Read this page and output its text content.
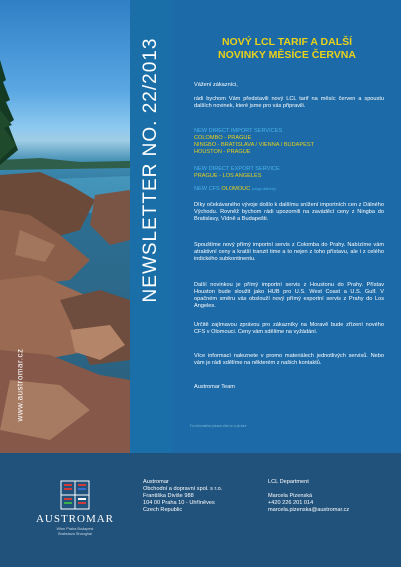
NEWSLETTER NO. 22/2013	NOVÝ LCL TARIF A DALŠÍ
NOVINKY MĚSÍCE ČERVNA
Vážení zákazníci,
rádi bychom Vám představili nový LCL tarif na měsíc červen a spoustu dalších novinek, které jsme pro vás připravili.
NEW DIRECT IMPORT SERVICES
COLOMBO - PRAGUE
NINGBO - BRATISLAVA / VIENNA / BUDAPEST
HOUSTON - PRAGUE
NEW DIRECT EXPORT SERVICE
PRAGUE - LOS ANGELES
NEW CFS OLOMOUC (cargo delivery)
Díky očekávaného vývoje došlo k dalšímu snížení importních cen z Dálného Východu. Rovněž bychom rádi upozornili na zaváděcí ceny z Ningba do Bratislavy, Vídně a Budapešti.
Spouštíme nový přímý importní servis z Colomba do Prahy. Nabízíme vám atraktivní ceny a kratší tranzit time a to nejen z toho přístavu, ale i z celého indického subkontinentu.
Další novinkou je přímý importní servis z Houstonu do Prahy. Přístav Houston bude sloužit jako HUB pro U.S. West Coast a U.S. Gulf. V opačném směru vás obslouží nový přímý exportní servis z Prahy do Los Angeles.
Určitě zajímavou zprávou pro zákazníky na Moravě bude zřízení nového CFS v Olomouci. Ceny vám sdělíme na vyžádání.
Více informací naleznete v promo materiálech jednotlivých servisů. Nebo vám je rádi sdělíme na některém z našich kontaktů.
Austromar Team
For information please click on a picture
www.austromar.cz
AUSTROMAR
Wien Praha Budapest
Bratislava Shanghai
Austromar
Obchodní a dopravní spol. s r.o.
Františka Diviše 988
104 00 Praha 10 - Uhříněves
Czech Republic
LCL Department
Marcela Pizenská
+420 226 201 014
marcela.pizenska@austromar.cz
